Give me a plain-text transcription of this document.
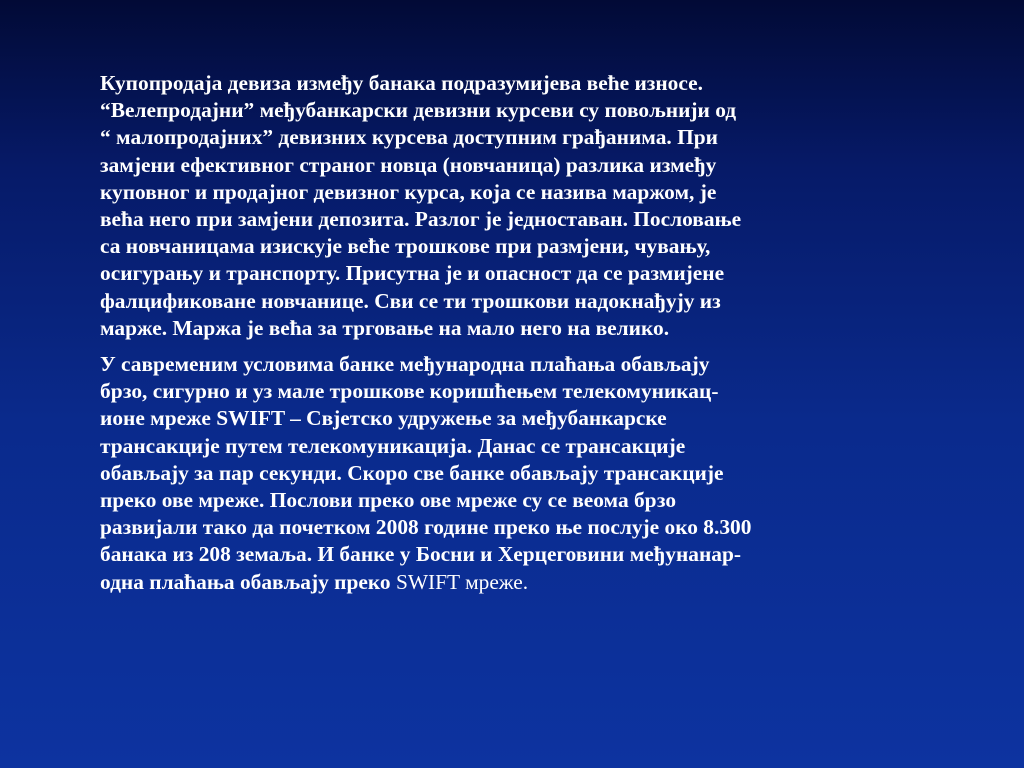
Купопродаја девиза између банака подразумијева веће износе.
“Велепродајни” међубанкарски девизни курсеви су повољнији од
“ малопродајних” девизних курсева доступним грађанима. При
замјени ефективног страног новца (новчаница) разлика између
куповног и продајног девизног курса, која се назива маржом, је
већа него при замјени депозита. Разлог је једноставан. Пословање
са новчаницама изискује веће трошкове при размјени, чувању,
осигурању и транспорту. Присутна је и опасност да се размијене
фалцификоване новчанице. Сви се ти трошкови надокнађују из
марже. Маржа је већа за трговање на мало него на велико.

У савременим условима банке међународна плаћања обављају
брзо, сигурно и уз мале трошкове коришћењем телекомуникац-
ионе мреже SWIFT – Свјетско удружење за међубанкарске
трансакције путем телекомуникација. Данас се трансакције
обављају за пар секунди. Скоро све банке обављају трансакције
преко ове мреже. Послови преко ове мреже су се веома брзо
развијали тако да почетком 2008 године преко ње послује око 8.300
банака из 208 земаља. И банке у Босни и Херцеговини међунанар-
одна плаћања обављају преко SWIFT мреже.
